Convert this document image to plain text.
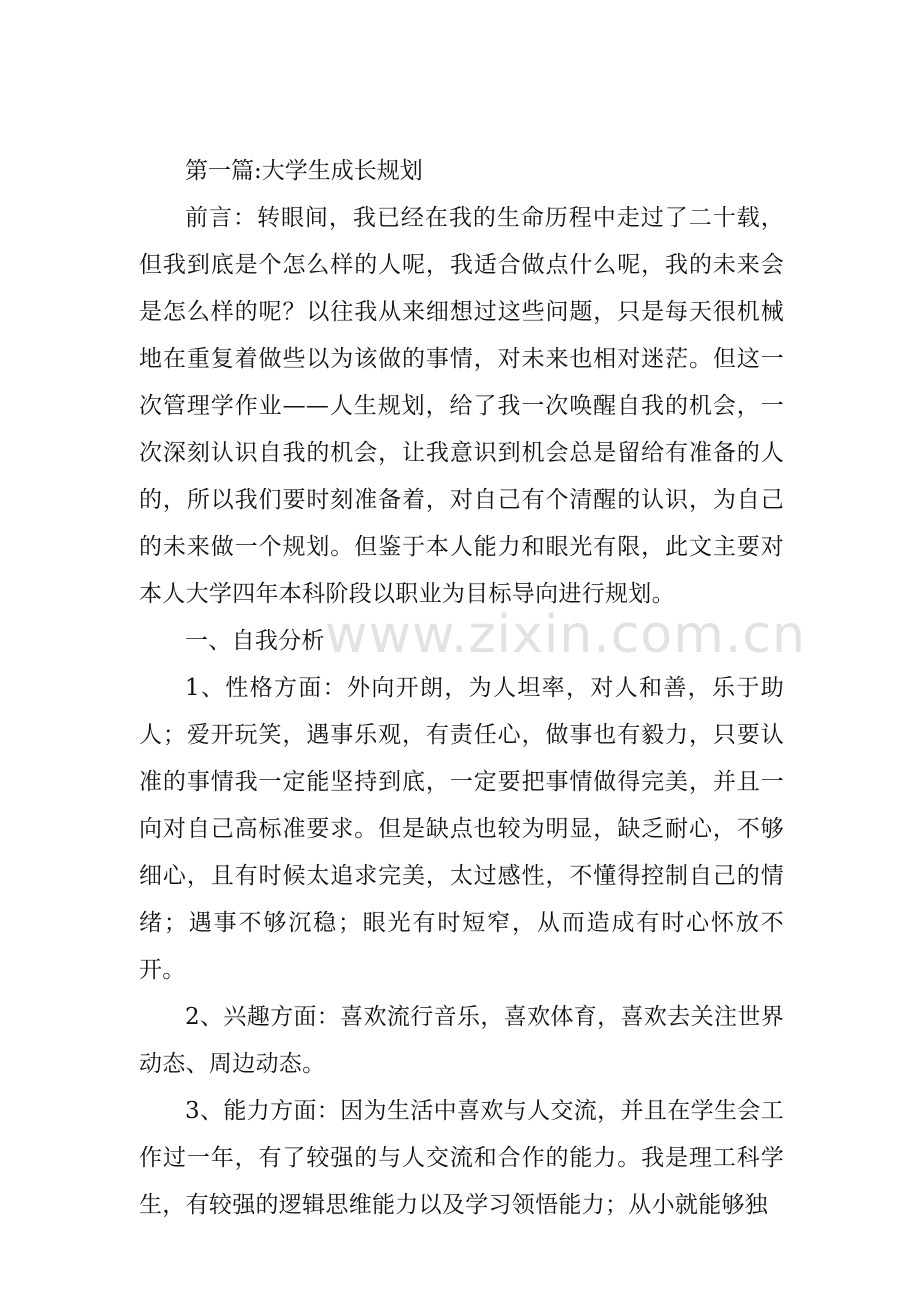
第一篇:大学生成长规划

前言：转眼间，我已经在我的生命历程中走过了二十载，但我到底是个怎么样的人呢，我适合做点什么呢，我的未来会是怎么样的呢？以往我从来细想过这些问题，只是每天很机械地在重复着做些以为该做的事情，对未来也相对迷茫。但这一次管理学作业——人生规划，给了我一次唤醒自我的机会，一次深刻认识自我的机会，让我意识到机会总是留给有准备的人的，所以我们要时刻准备着，对自己有个清醒的认识，为自己的未来做一个规划。但鉴于本人能力和眼光有限，此文主要对本人大学四年本科阶段以职业为目标导向进行规划。

一、自我分析

1、性格方面：外向开朗，为人坦率，对人和善，乐于助人；爱开玩笑，遇事乐观，有责任心，做事也有毅力，只要认准的事情我一定能坚持到底，一定要把事情做得完美，并且一向对自己高标准要求。但是缺点也较为明显，缺乏耐心，不够细心，且有时候太追求完美，太过感性，不懂得控制自己的情绪；遇事不够沉稳；眼光有时短窄，从而造成有时心怀放不开。

2、兴趣方面：喜欢流行音乐，喜欢体育，喜欢去关注世界动态、周边动态。

3、能力方面：因为生活中喜欢与人交流，并且在学生会工作过一年，有了较强的与人交流和合作的能力。我是理工科学生，有较强的逻辑思维能力以及学习领悟能力；从小就能够独

www.zixin.com.cn
